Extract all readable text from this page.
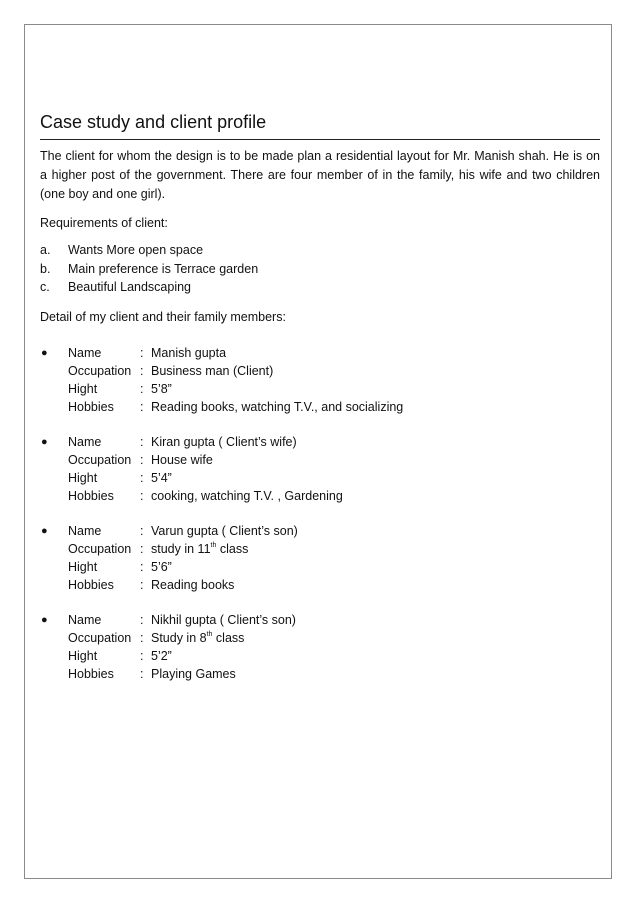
Case study and client profile

The client for whom the design is to be made plan a residential layout for Mr. Manish shah. He is on a higher post of the government. There are four member of in the family, his wife and two children (one boy and one girl).

Requirements of client:

a.	Wants More open space
b.	Main preference is Terrace garden
c.	Beautiful Landscaping

Detail of my client and their family members:

●	Name	: Manish gupta
Occupation : Business man (Client)
Hight	: 5’8”
Hobbies	: Reading books, watching T.V., and socializing
●	Name	: Kiran gupta ( Client’s wife)
Occupation : House wife
Hight	: 5’4”
Hobbies	: cooking, watching T.V. , Gardening
●	Name	: Varun gupta ( Client’s son)
Occupation : study in 11th class
Hight	: 5’6”
Hobbies	: Reading books
●	Name	: Nikhil gupta ( Client’s son)
Occupation : Study in 8th class
Hight	: 5’2”
Hobbies	: Playing Games
